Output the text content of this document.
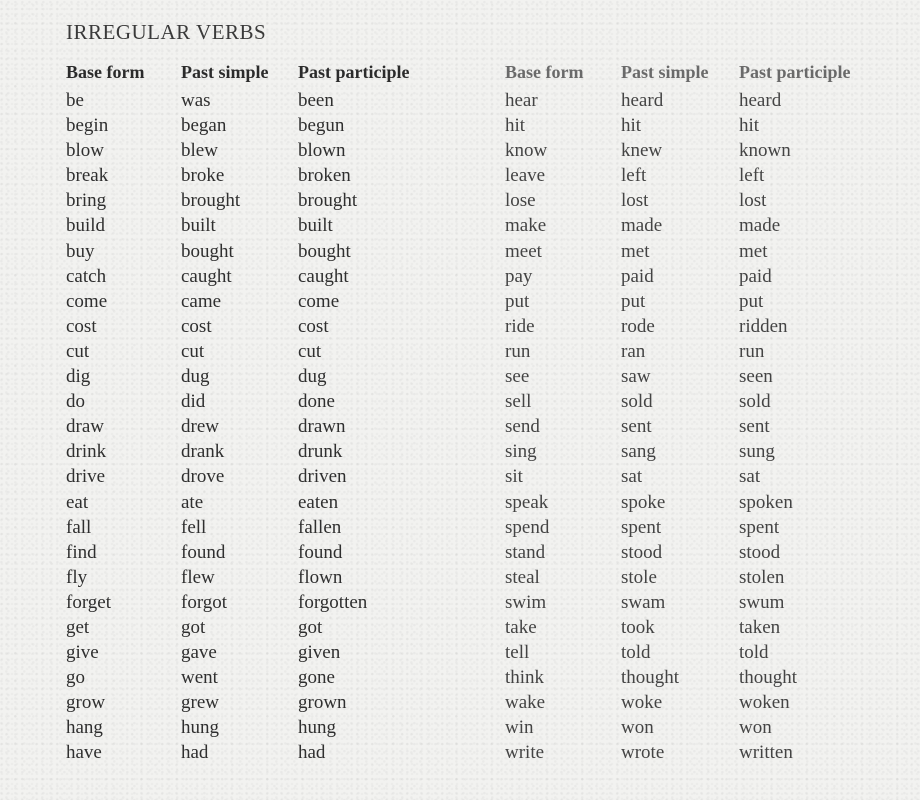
IRREGULAR VERBS
Base form	Past simple	Past participle
be	was	been
begin	began	begun
blow	blew	blown
break	broke	broken
bring	brought	brought
build	built	built
buy	bought	bought
catch	caught	caught
come	came	come
cost	cost	cost
cut	cut	cut
dig	dug	dug
do	did	done
draw	drew	drawn
drink	drank	drunk
drive	drove	driven
eat	ate	eaten
fall	fell	fallen
find	found	found
fly	flew	flown
forget	forgot	forgotten
get	got	got
give	gave	given
go	went	gone
grow	grew	grown
hang	hung	hung
have	had	had
Base form	Past simple	Past participle
hear	heard	heard
hit	hit	hit
know	knew	known
leave	left	left
lose	lost	lost
make	made	made
meet	met	met
pay	paid	paid
put	put	put
ride	rode	ridden
run	ran	run
see	saw	seen
sell	sold	sold
send	sent	sent
sing	sang	sung
sit	sat	sat
speak	spoke	spoken
spend	spent	spent
stand	stood	stood
steal	stole	stolen
swim	swam	swum
take	took	taken
tell	told	told
think	thought	thought
wake	woke	woken
win	won	won
write	wrote	written
